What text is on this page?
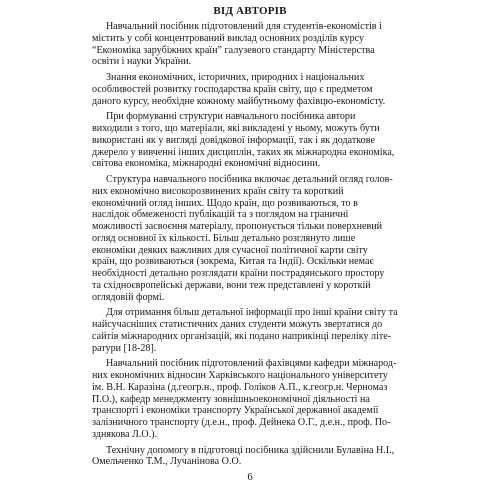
ВІД АВТОРІВ
Навчальний посібник підготовлений для студентів-економістів і
містить у собі концентрований виклад основних розділів курсу
“Економіка зарубіжних країн” галузевого стандарту Міністерства
освіти і науки України.
Знання економічних, історичних, природних і національних
особливостей розвитку господарства країн світу, що є предметом
даного курсу, необхідне кожному майбутньому фахівцю-економісту.
При формуванні структури навчального посібника автори
виходили з того, що матеріали, які викладені у ньому, можуть бути
використані як у вигляді довідкової інформації, так і як додаткове
джерело у вивченні інших дисциплін, таких як міжнародна економіка,
світова економіка, міжнародні економічні відносини.
Структура навчального посібника включає детальний огляд голов-
них економічно високорозвинених країн світу та короткий
економічний огляд інших. Щодо країн, що розвиваються, то в
наслідок обмеженості публікацій та з поглядом на граничні
можливості засвоєння матеріалу, пропонується тільки поверхневий
огляд основної їх кількості. Більш детально розглянуто лише
економіки деяких важливих для сучасної політичної карти світу
країн, що розвиваються (зокрема, Китая та Індії). Оскільки немає
необхідності детально розглядати країни пострадянського простору
та східноєвропейські держави, вони теж представлені у короткій
оглядовій формі.
Для отримання більш детальної інформації про інші країни світу та
найсучасніших статистичних даних студенти можуть звертатися до
сайтів міжнародних організацій, які подано наприкінці переліку літе-
ратури [18-28].
Навчальний посібник підготовлений фахівцями кафедри міжнарод-
них економічних відносин Харківського національного університету
ім. В.Н. Каразіна (д.геогр.н., проф. Голіков А.П., к.геогр.н. Чернома́з
П.О.), кафедр менеджменту зовнішньоекономічної діяльності на
транспорті і економіки транспорту Української державної академії
залізничного транспорту (д.е.н., проф. Дейнека О.Г., д.е.н., проф. По-
зднякова Л.О.).
Технічну допомогу в підготовці посібника здійснили Булавіна Н.І.,
Омельченко Т.М., Лучанінова О.О.
6
